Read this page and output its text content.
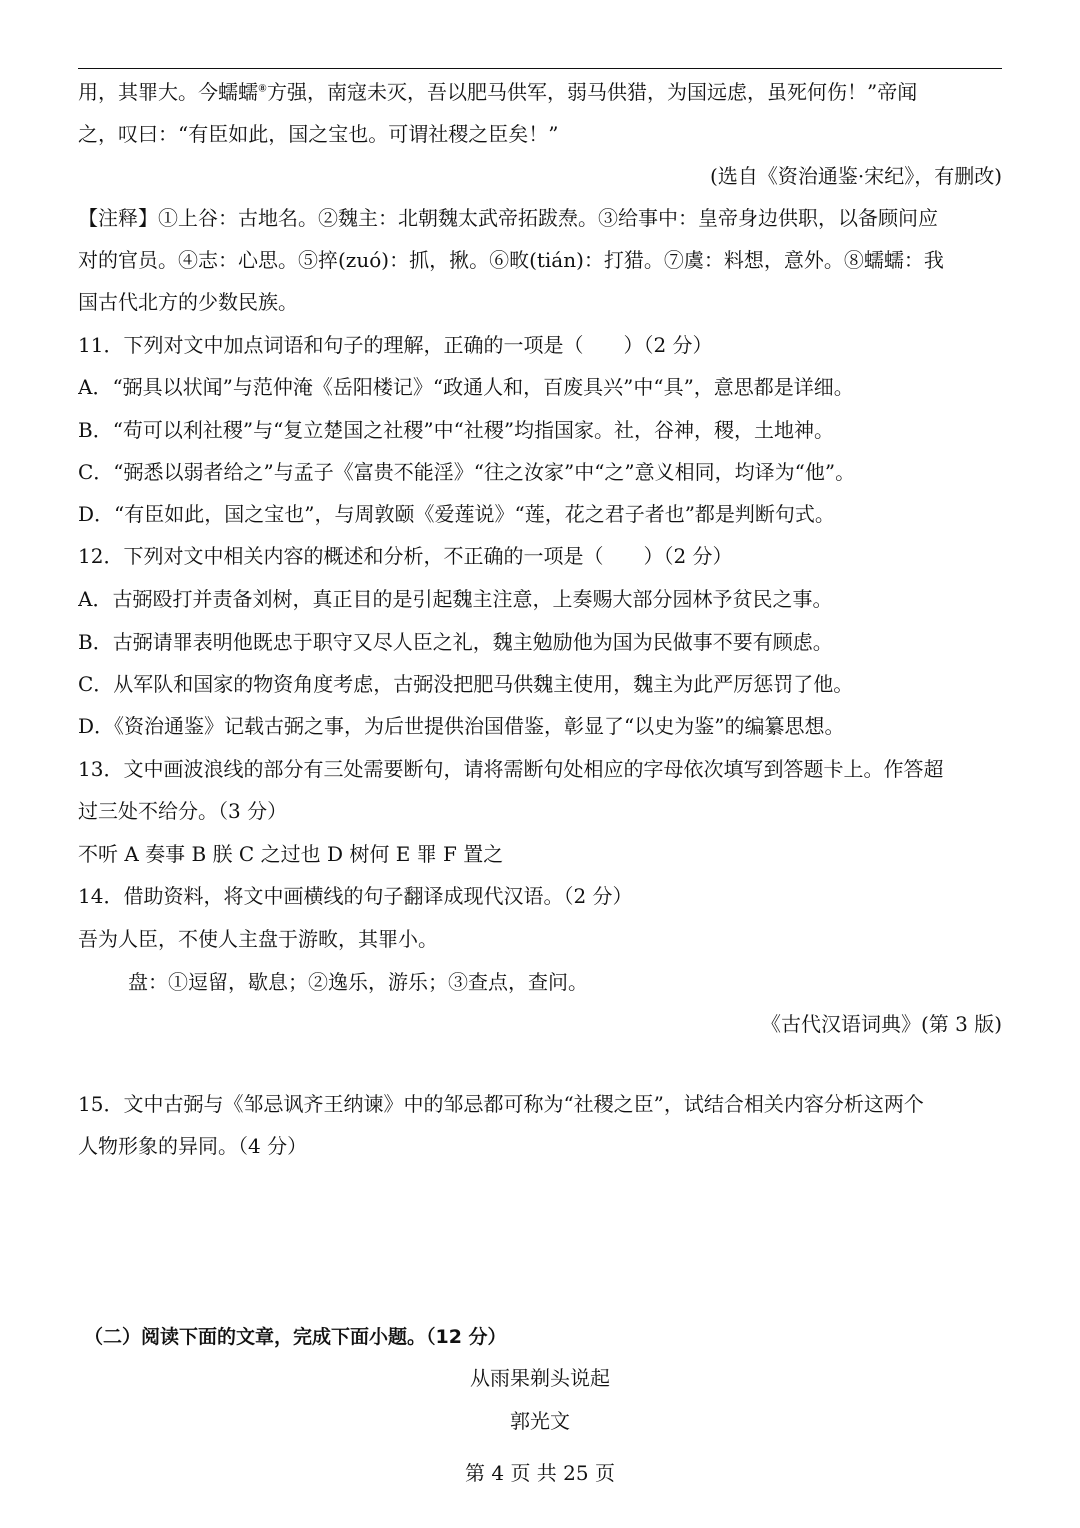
用，其罪大。今蠕蠕⑧方强，南寇未灭，吾以肥马供军，弱马供猎，为国远虑，虽死何伤！”帝闻
之，叹曰：“有臣如此，国之宝也。可谓社稷之臣矣！”
(选自《资治通鉴·宋纪》，有删改)
【注释】①上谷：古地名。②魏主：北朝魏太武帝拓跋焘。③给事中：皇帝身边供职，以备顾问应
对的官员。④志：心思。⑤捽(zuó)：抓，揪。⑥畋(tián)：打猎。⑦虞：料想，意外。⑧蠕蠕：我
国古代北方的少数民族。
11．下列对文中加点词语和句子的理解，正确的一项是（　　）（2 分）
A．“弼具以状闻”与范仲淹《岳阳楼记》“政通人和，百废具兴”中“具”，意思都是详细。
B．“苟可以利社稷”与“复立楚国之社稷”中“社稷”均指国家。社，谷神，稷，土地神。
C．“弼悉以弱者给之”与孟子《富贵不能淫》“往之汝家”中“之”意义相同，均译为“他”。
D．“有臣如此，国之宝也”，与周敦颐《爱莲说》“莲，花之君子者也”都是判断句式。
12．下列对文中相关内容的概述和分析，不正确的一项是（　　）（2 分）
A．古弼殴打并责备刘树，真正目的是引起魏主注意，上奏赐大部分园林予贫民之事。
B．古弼请罪表明他既忠于职守又尽人臣之礼，魏主勉励他为国为民做事不要有顾虑。
C．从军队和国家的物资角度考虑，古弼没把肥马供魏主使用，魏主为此严厉惩罚了他。
D．《资治通鉴》记载古弼之事，为后世提供治国借鉴，彰显了“以史为鉴”的编纂思想。
13．文中画波浪线的部分有三处需要断句，请将需断句处相应的字母依次填写到答题卡上。作答超
过三处不给分。（3 分）
不听 A 奏事 B 朕 C 之过也 D 树何 E 罪 F 置之
14．借助资料，将文中画横线的句子翻译成现代汉语。（2 分）
吾为人臣，不使人主盘于游畋，其罪小。
盘：①逗留，歇息；②逸乐，游乐；③查点，查问。
《古代汉语词典》(第 3 版)
15．文中古弼与《邹忌讽齐王纳谏》中的邹忌都可称为“社稷之臣”，试结合相关内容分析这两个
人物形象的异同。（4 分）
（二）阅读下面的文章，完成下面小题。（12 分）
从雨果剃头说起
郭光文
第 4 页 共 25 页
